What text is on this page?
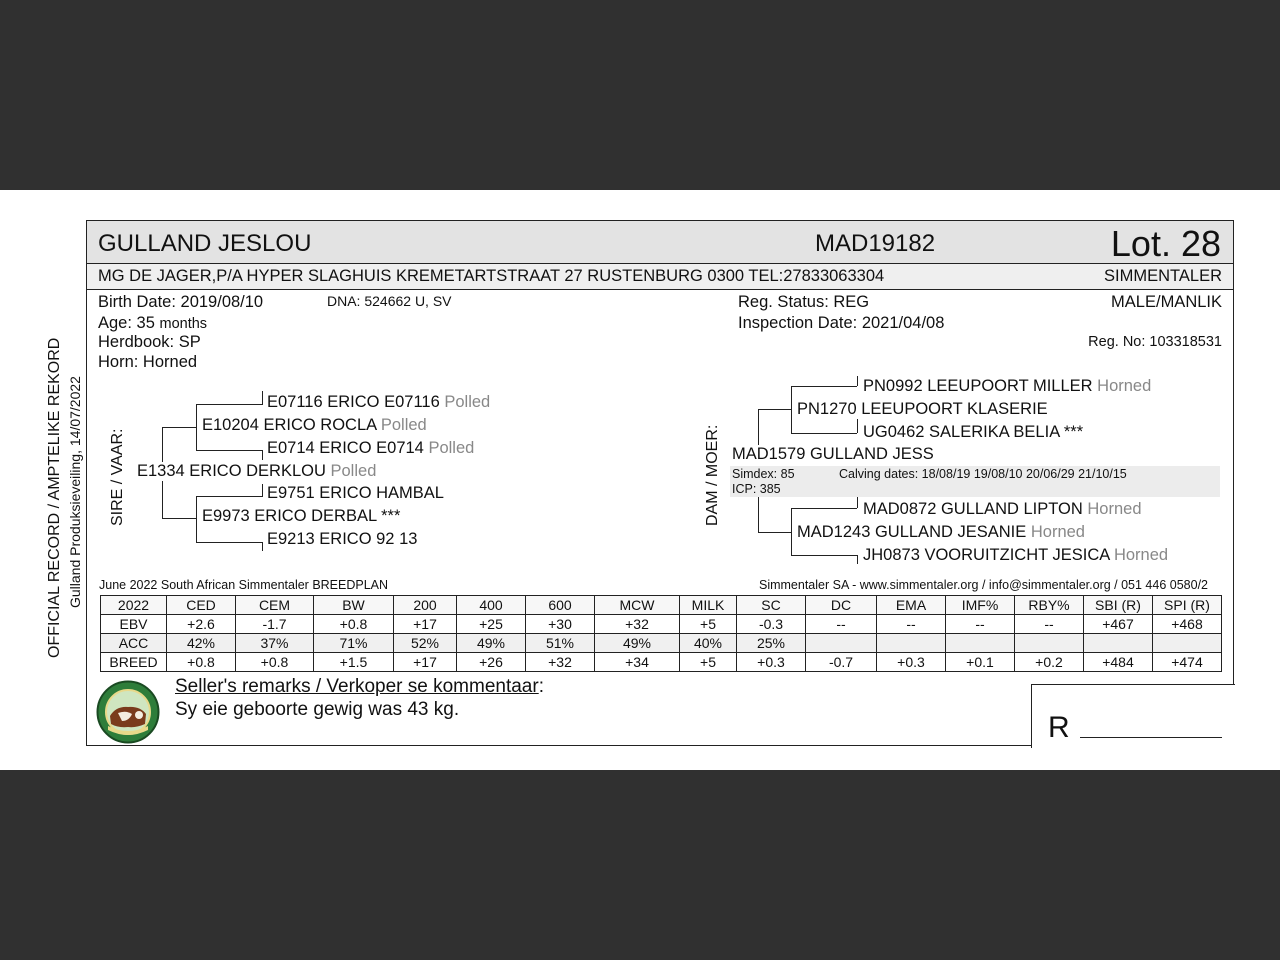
OFFICIAL RECORD / AMPTELIKE REKORD Gulland Produksieveiling, 14/07/2022
GULLAND JESLOU	MAD19182	Lot. 28
MG DE JAGER,P/A HYPER SLAGHUIS KREMETARTSTRAAT 27 RUSTENBURG 0300 TEL:27833063304	SIMMENTALER
Birth Date: 2019/08/10	DNA: 524662 U, SV
Age: 35 months
Herdbook: SP
Horn: Horned
Reg. Status: REG
Inspection Date: 2021/04/08
MALE/MANLIK
Reg. No: 103318531
SIRE / VAAR:
E07116 ERICO E07116 Polled
E10204 ERICO ROCLA Polled
E0714 ERICO E0714 Polled
E1334 ERICO DERKLOU Polled
E9751 ERICO HAMBAL
E9973 ERICO DERBAL ***
E9213 ERICO 92 13
DAM / MOER:
PN0992 LEEUPOORT MILLER Horned
PN1270 LEEUPOORT KLASERIE
UG0462 SALERIKA BELIA ***
MAD1579 GULLAND JESS
Simdex: 85
ICP: 385
Calving dates: 18/08/19 19/08/10 20/06/29 21/10/15
MAD0872 GULLAND LIPTON Horned
MAD1243 GULLAND JESANIE Horned
JH0873 VOORUITZICHT JESICA Horned
June 2022 South African Simmentaler BREEDPLAN	Simmentaler SA - www.simmentaler.org / info@simmentaler.org / 051 446 0580/2
2022	CED	CEM	BW	200	400	600	MCW	MILK	SC	DC	EMA	IMF%	RBY%	SBI (R)	SPI (R)
EBV	+2.6	-1.7	+0.8	+17	+25	+30	+32	+5	-0.3	--	--	--	--	+467	+468
ACC	42%	37%	71%	52%	49%	51%	49%	40%	25%						
BREED	+0.8	+0.8	+1.5	+17	+26	+32	+34	+5	+0.3	-0.7	+0.3	+0.1	+0.2	+484	+474
Seller's remarks / Verkoper se kommentaar:
Sy eie geboorte gewig was 43 kg.
R
